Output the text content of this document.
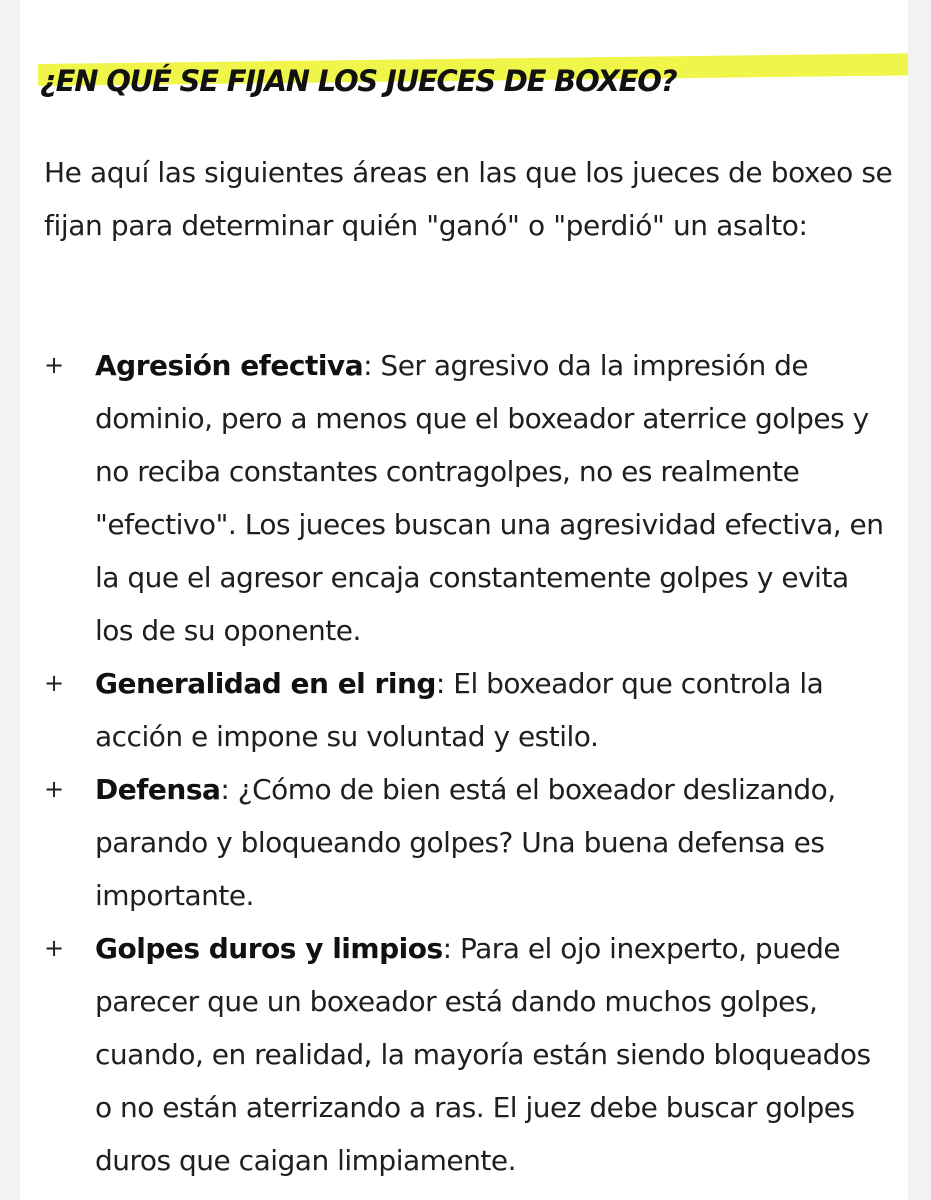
¿EN QUÉ SE FIJAN LOS JUECES DE BOXEO?

He aquí las siguientes áreas en las que los jueces de boxeo se fijan para determinar quién "ganó" o "perdió" un asalto:

+ Agresión efectiva: Ser agresivo da la impresión de dominio, pero a menos que el boxeador aterrice golpes y no reciba constantes contragolpes, no es realmente "efectivo". Los jueces buscan una agresividad efectiva, en la que el agresor encaja constantemente golpes y evita los de su oponente.
+ Generalidad en el ring: El boxeador que controla la acción e impone su voluntad y estilo.
+ Defensa: ¿Cómo de bien está el boxeador deslizando, parando y bloqueando golpes? Una buena defensa es importante.
+ Golpes duros y limpios: Para el ojo inexperto, puede parecer que un boxeador está dando muchos golpes, cuando, en realidad, la mayoría están siendo bloqueados o no están aterrizando a ras. El juez debe buscar golpes duros que caigan limpiamente.
